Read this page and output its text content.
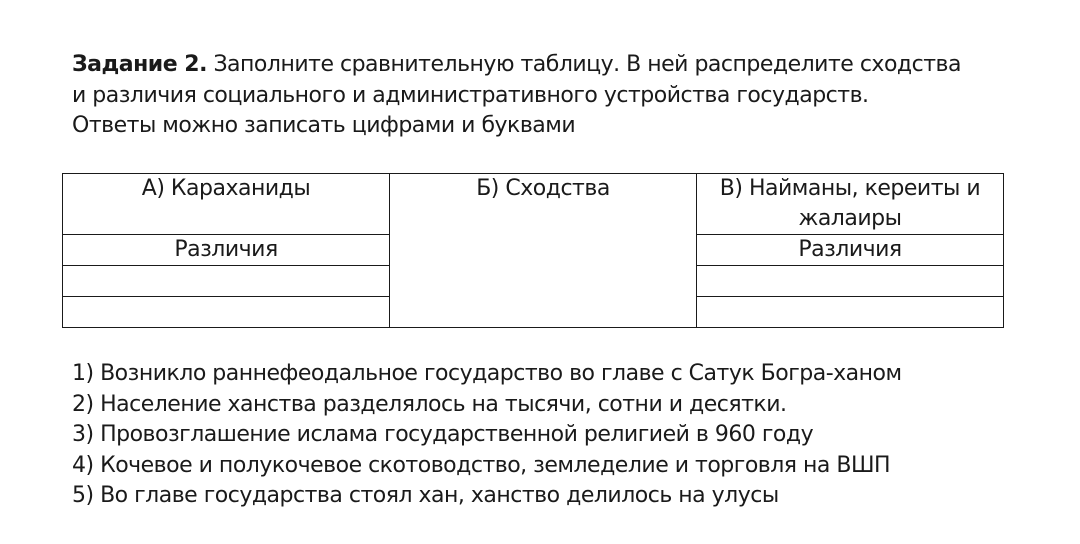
Задание 2. Заполните сравнительную таблицу. В ней распределите сходства
и различия социального и административного устройства государств.
Ответы можно записать цифрами и буквами
А) Караханиды	Б) Сходства	В) Найманы, кереиты и
жалаиры

Различия		Различия

1) Возникло раннефеодальное государство во главе с Сатук Богра-ханом
2) Население ханства разделялось на тысячи, сотни и десятки.
3) Провозглашение ислама государственной религией в 960 году
4) Кочевое и полукочевое скотоводство, земледелие и торговля на ВШП
5) Во главе государства стоял хан, ханство делилось на улусы
